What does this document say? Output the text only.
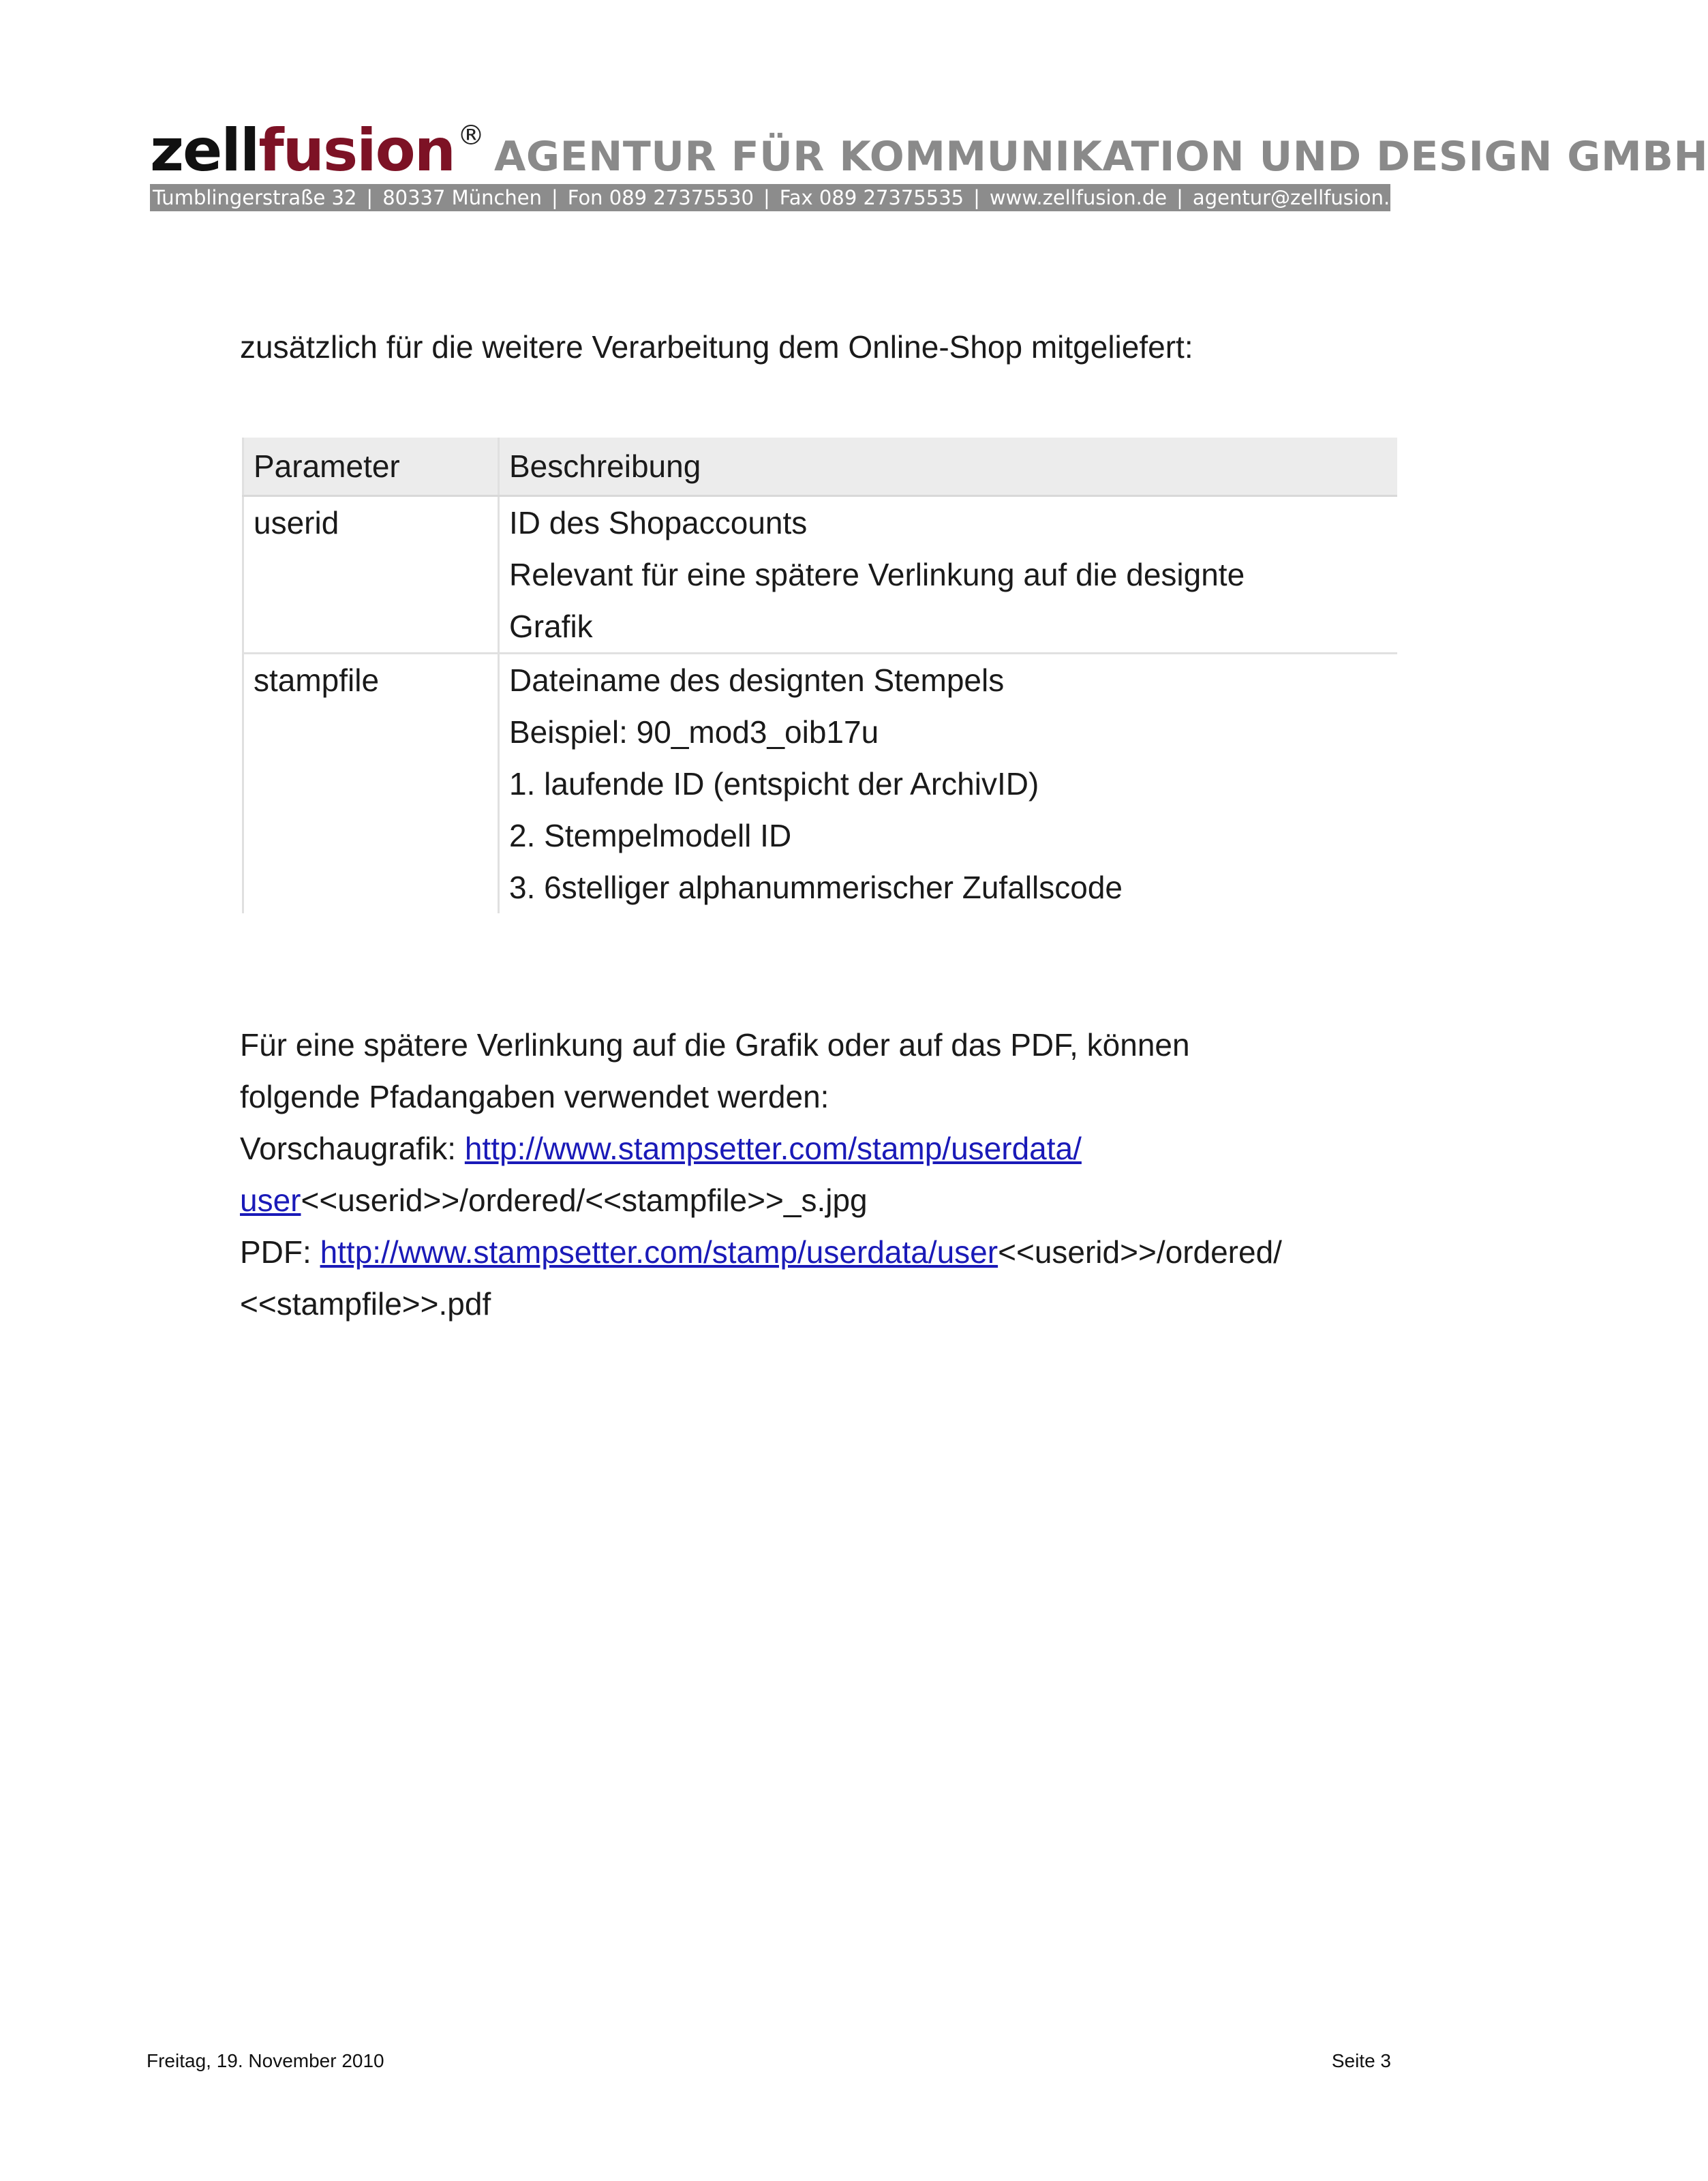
zellfusion ® AGENTUR FÜR KOMMUNIKATION UND DESIGN GMBH
Tumblingerstraße 32 | 80337 München | Fon 089 27375530 | Fax 089 27375535 | www.zellfusion.de | agentur@zellfusion.de
zusätzlich für die weitere Verarbeitung dem Online-Shop mitgeliefert:
Parameter	Beschreibung
userid	ID des Shopaccounts
Relevant für eine spätere Verlinkung auf die designte
Grafik

stampfile	Dateiname des designten Stempels
Beispiel: 90_mod3_oib17u
1. laufende ID (entspicht der ArchivID)
2. Stempelmodell ID
3. 6stelliger alphanummerischer Zufallscode
Für eine spätere Verlinkung auf die Grafik oder auf das PDF, können
folgende Pfadangaben verwendet werden:
Vorschaugrafik: http://www.stampsetter.com/stamp/userdata/
user<<userid>>/ordered/<<stampfile>>_s.jpg
PDF: http://www.stampsetter.com/stamp/userdata/user<<userid>>/ordered/
<<stampfile>>.pdf
Freitag, 19. November 2010	Seite 3
